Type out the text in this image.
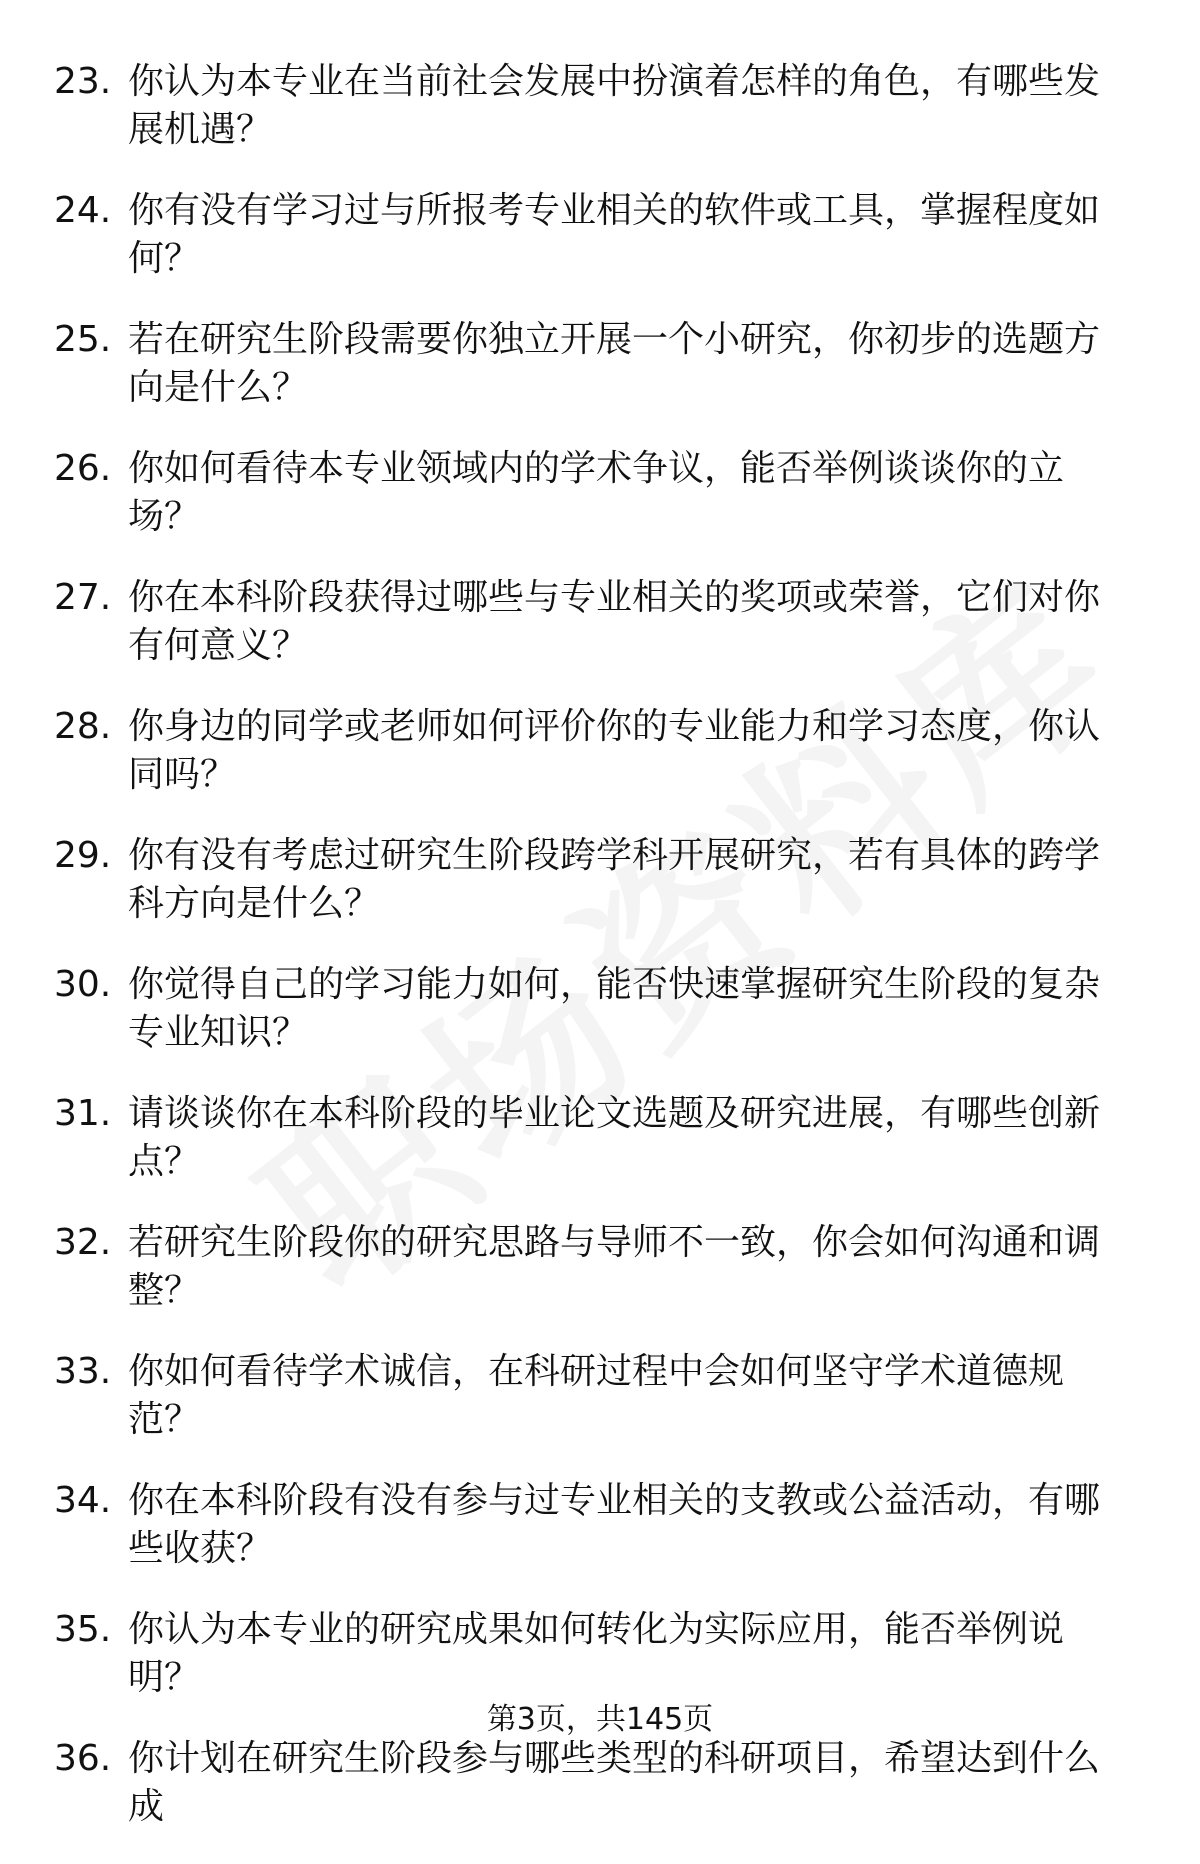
23. 你认为本专业在当前社会发展中扮演着怎样的角色，有哪些发展机遇？
24. 你有没有学习过与所报考专业相关的软件或工具，掌握程度如何？
25. 若在研究生阶段需要你独立开展一个小研究，你初步的选题方向是什么？
26. 你如何看待本专业领域内的学术争议，能否举例谈谈你的立场？
27. 你在本科阶段获得过哪些与专业相关的奖项或荣誉，它们对你有何意义？
28. 你身边的同学或老师如何评价你的专业能力和学习态度，你认同吗？
29. 你有没有考虑过研究生阶段跨学科开展研究，若有具体的跨学科方向是什么？
30. 你觉得自己的学习能力如何，能否快速掌握研究生阶段的复杂专业知识？
31. 请谈谈你在本科阶段的毕业论文选题及研究进展，有哪些创新点？
32. 若研究生阶段你的研究思路与导师不一致，你会如何沟通和调整？
33. 你如何看待学术诚信，在科研过程中会如何坚守学术道德规范？
34. 你在本科阶段有没有参与过专业相关的支教或公益活动，有哪些收获？
35. 你认为本专业的研究成果如何转化为实际应用，能否举例说明？
36. 你计划在研究生阶段参与哪些类型的科研项目，希望达到什么成
第3页，共145页
